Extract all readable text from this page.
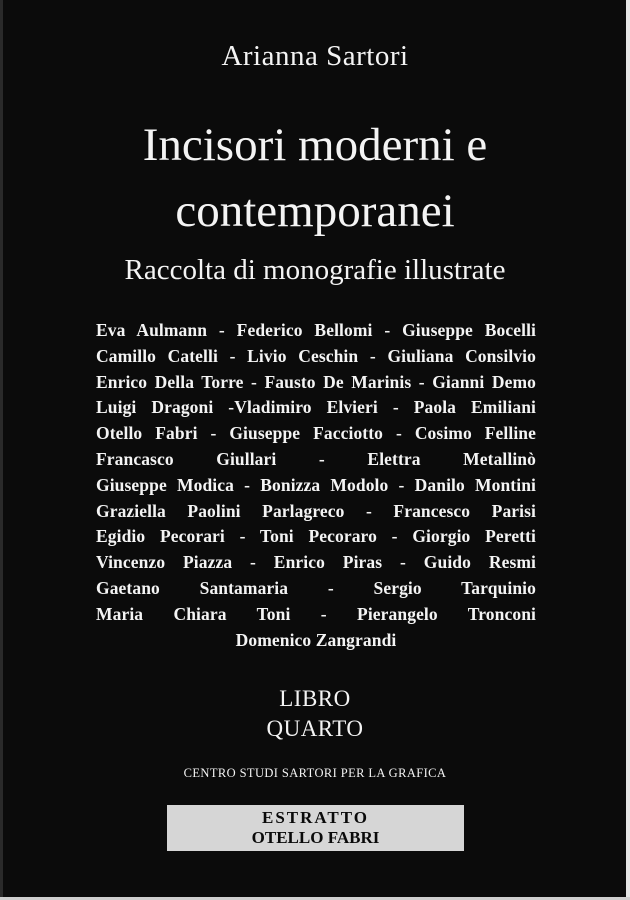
Arianna Sartori
Incisori moderni e
contemporanei
Raccolta di monografie illustrate
Eva Aulmann - Federico Bellomi - Giuseppe Bocelli
Camillo Catelli - Livio Ceschin - Giuliana Consilvio
Enrico Della Torre - Fausto De Marinis - Gianni Demo
Luigi Dragoni -Vladimiro Elvieri - Paola Emiliani
Otello Fabri - Giuseppe Facciotto - Cosimo Felline
Francasco Giullari - Elettra Metallinò
Giuseppe Modica - Bonizza Modolo - Danilo Montini
Graziella Paolini Parlagreco - Francesco Parisi
Egidio Pecorari - Toni Pecoraro - Giorgio Peretti
Vincenzo Piazza - Enrico Piras - Guido Resmi
Gaetano Santamaria - Sergio Tarquinio
Maria Chiara Toni - Pierangelo Tronconi
Domenico Zangrandi
LIBRO
QUARTO
CENTRO STUDI SARTORI PER LA GRAFICA
ESTRATTO
OTELLO FABRI
